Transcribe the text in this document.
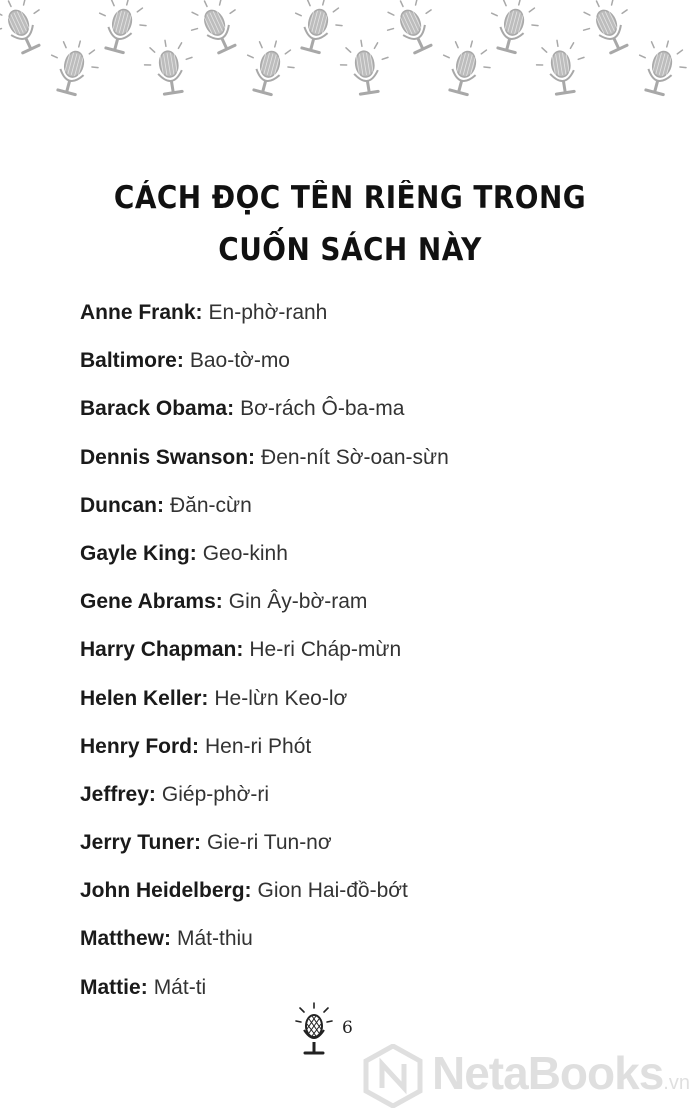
CÁCH ĐỌC TÊN RIÊNG TRONG
CUỐN SÁCH NÀY
Anne Frank: En-phờ-ranh
Baltimore: Bao-tờ-mo
Barack Obama: Bơ-rách Ô-ba-ma
Dennis Swanson: Đen-nít Sờ-oan-sừn
Duncan: Đăn-cừn
Gayle King: Geo-kinh
Gene Abrams: Gin Ây-bờ-ram
Harry Chapman: He-ri Cháp-mừn
Helen Keller: He-lừn Keo-lơ
Henry Ford: Hen-ri Phót
Jeffrey: Giép-phờ-ri
Jerry Tuner: Gie-ri Tun-nơ
John Heidelberg: Gion Hai-đồ-bớt
Matthew: Mát-thiu
Mattie: Mát-ti
6
NetaBooks.vn
